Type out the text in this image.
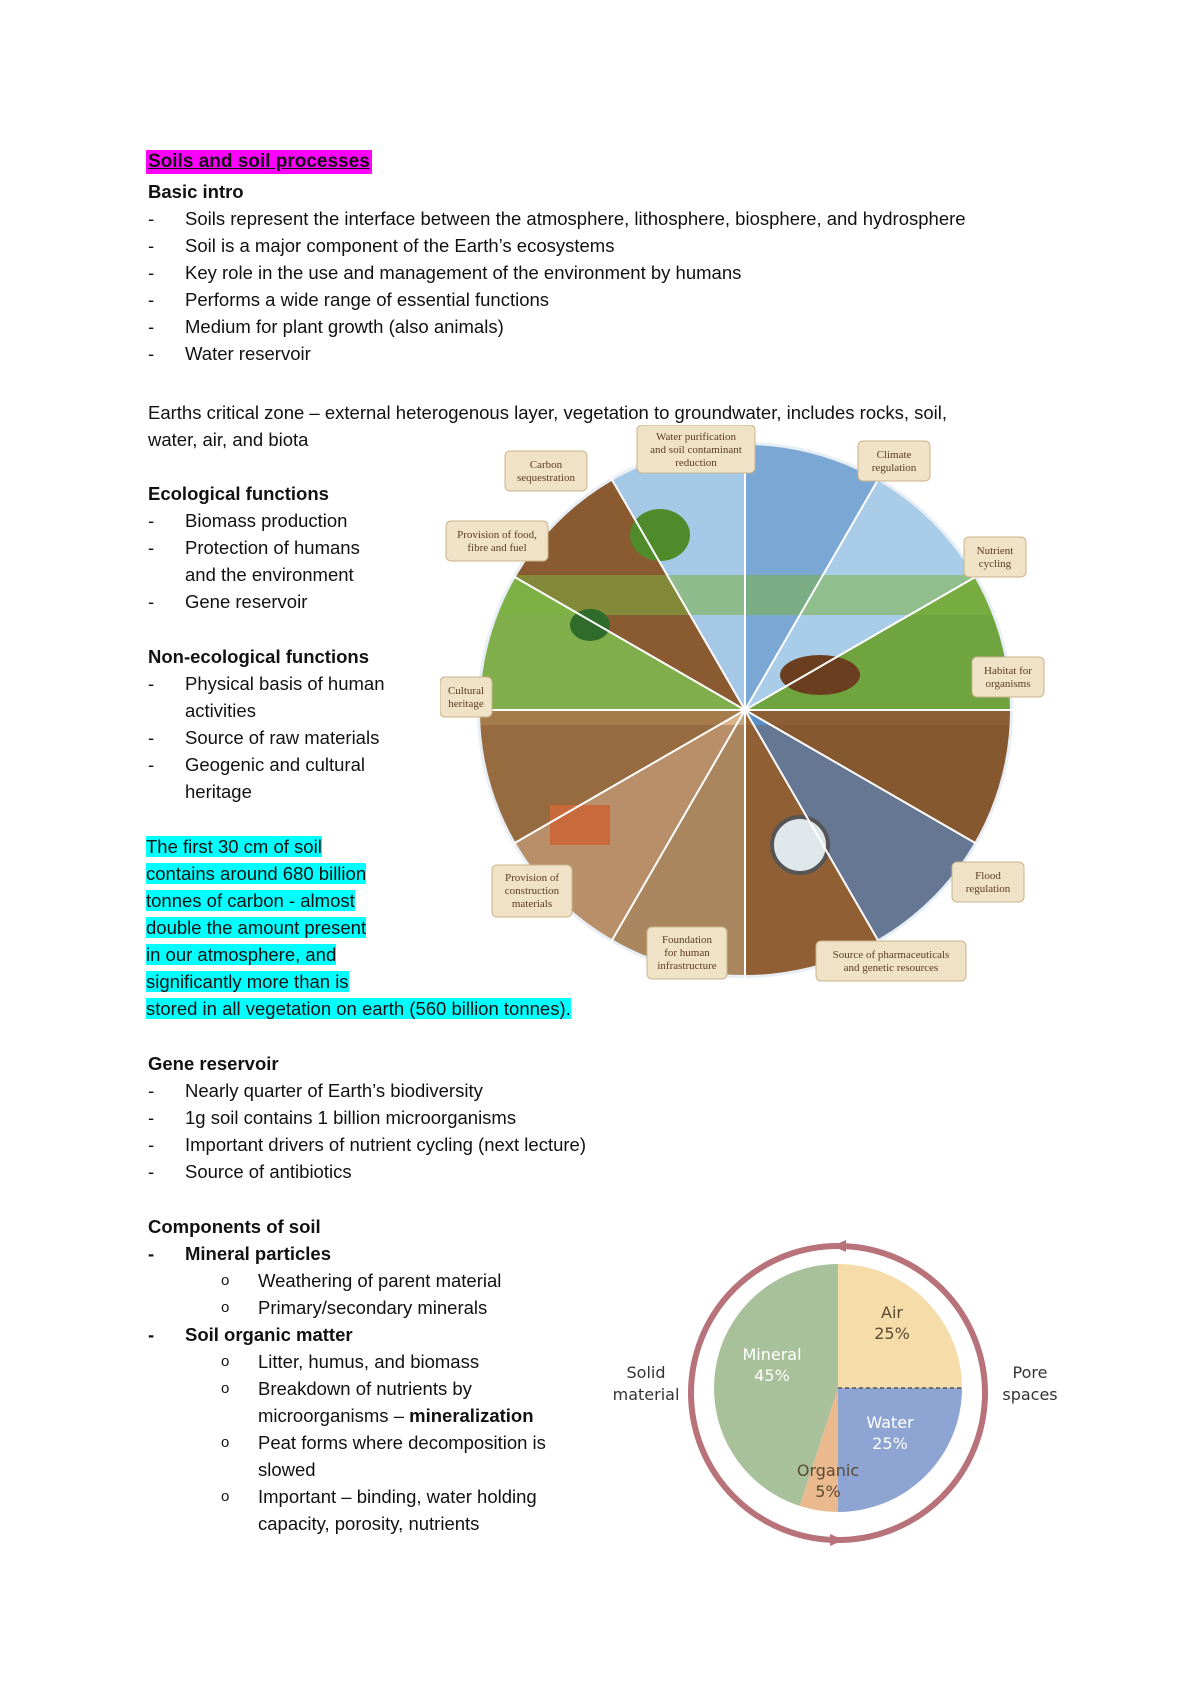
Soils and soil processes
Basic intro
- Soils represent the interface between the atmosphere, lithosphere, biosphere, and hydrosphere
- Soil is a major component of the Earth’s ecosystems
- Key role in the use and management of the environment by humans
- Performs a wide range of essential functions
- Medium for plant growth (also animals)
- Water reservoir
Earths critical zone – external heterogenous layer, vegetation to groundwater, includes rocks, soil,
water, air, and biota
Ecological functions
- Biomass production
- Protection of humans
and the environment
- Gene reservoir
Non-ecological functions
- Physical basis of human
activities
- Source of raw materials
- Geogenic and cultural
heritage
The first 30 cm of soil
contains around 680 billion
tonnes of carbon - almost
double the amount present
in our atmosphere, and
significantly more than is
stored in all vegetation on earth (560 billion tonnes).
Gene reservoir
- Nearly quarter of Earth’s biodiversity
- 1g soil contains 1 billion microorganisms
- Important drivers of nutrient cycling (next lecture)
- Source of antibiotics
Components of soil
- Mineral particles
o Weathering of parent material
o Primary/secondary minerals
- Soil organic matter
o Litter, humus, and biomass
o Breakdown of nutrients by
microorganisms – mineralization
o Peat forms where decomposition is
slowed
o Important – binding, water holding
capacity, porosity, nutrients
Carbon
sequestration
Water purification
and soil contaminant
reduction
Climate
regulation
Provision of food,
fibre and fuel	Nutrient
cycling
Habitat for
organisms
Cultural
heritage
Flood
regulation
Provision of
construction
materials
Foundation
for human
infrastructure
Source of pharmaceuticals
and genetic resources
Solid
material
Pore
spaces
Air
25%
Water
25%
Organic
5%
Mineral
45%
